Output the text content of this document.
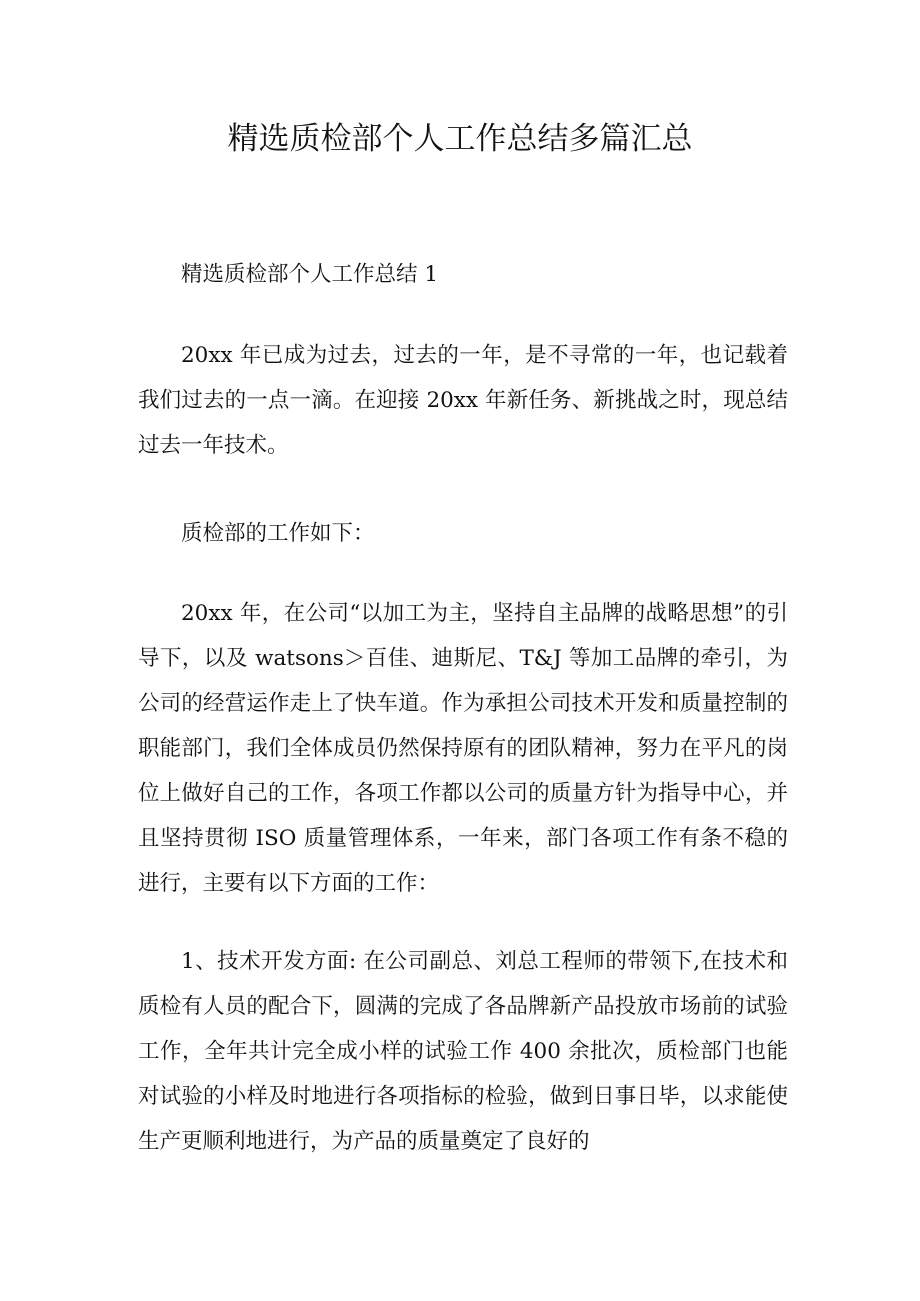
精选质检部个人工作总结多篇汇总

精选质检部个人工作总结 1

20xx 年已成为过去，过去的一年，是不寻常的一年，也记载着我们过去的一点一滴。在迎接 20xx 年新任务、新挑战之时，现总结过去一年技术。

质检部的工作如下：

20xx 年，在公司“以加工为主，坚持自主品牌的战略思想”的引导下，以及 watsons＞百佳、迪斯尼、T&J 等加工品牌的牵引，为公司的经营运作走上了快车道。作为承担公司技术开发和质量控制的职能部门，我们全体成员仍然保持原有的团队精神，努力在平凡的岗位上做好自己的工作，各项工作都以公司的质量方针为指导中心，并且坚持贯彻 ISO 质量管理体系，一年来，部门各项工作有条不稳的进行，主要有以下方面的工作：

1、技术开发方面: 在公司副总、刘总工程师的带领下,在技术和质检有人员的配合下，圆满的完成了各品牌新产品投放市场前的试验工作，全年共计完全成小样的试验工作 400 余批次，质检部门也能对试验的小样及时地进行各项指标的检验，做到日事日毕，以求能使生产更顺利地进行，为产品的质量奠定了良好的
